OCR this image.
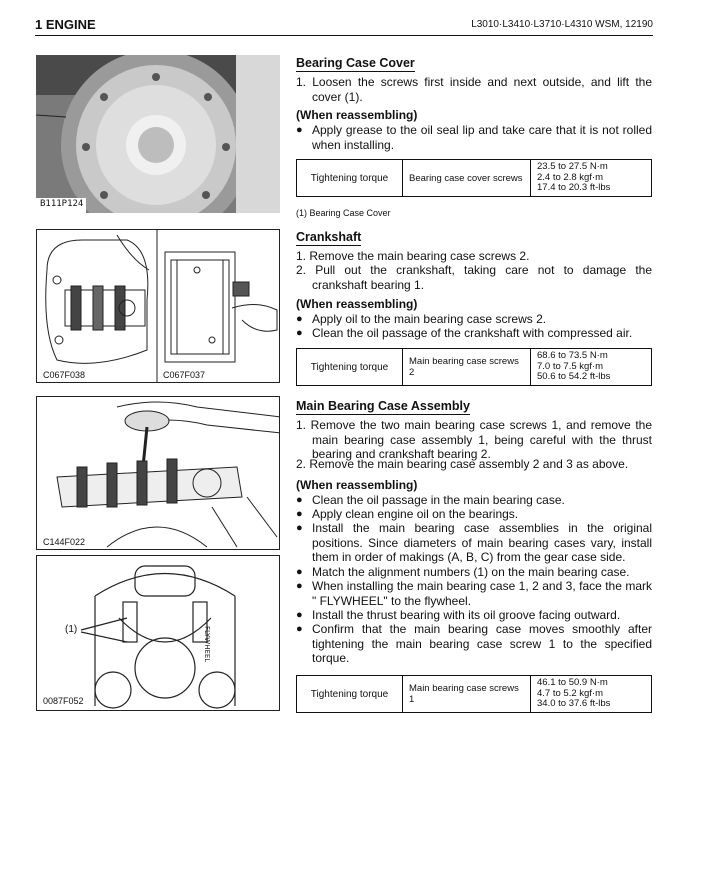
1 ENGINE	L3010·L3410·L3710·L4310 WSM, 12190
B111P124
C067F038	C067F037
C144F022
FLYWHEEL
(1)
0087F052
Bearing Case Cover
1. Loosen the screws first inside and next outside, and lift the cover (1).
(When reassembling)
● Apply grease to the oil seal lip and take care that it is not rolled when installing.
Tightening torque	Bearing case cover screws	
23.5 to 27.5 N·m
2.4 to 2.8 kgf·m
17.4 to 20.3 ft-lbs
(1) Bearing Case Cover
Crankshaft
1. Remove the main bearing case screws 2.
2. Pull out the crankshaft, taking care not to damage the crankshaft bearing 1.
(When reassembling)
● Apply oil to the main bearing case screws 2.
● Clean the oil passage of the crankshaft with compressed air.
Tightening torque	Main bearing case screws 2	
68.6 to 73.5 N·m
7.0 to 7.5 kgf·m
50.6 to 54.2 ft-lbs
Main Bearing Case Assembly
1. Remove the two main bearing case screws 1, and remove the main bearing case assembly 1, being careful with the thrust bearing and crankshaft bearing 2.
2. Remove the main bearing case assembly 2 and 3 as above.
(When reassembling)
● Clean the oil passage in the main bearing case.
● Apply clean engine oil on the bearings.
● Install the main bearing case assemblies in the original positions. Since diameters of main bearing cases vary, install them in order of makings (A, B, C) from the gear case side.
● Match the alignment numbers (1) on the main bearing case.
● When installing the main bearing case 1, 2 and 3, face the mark " FLYWHEEL" to the flywheel.
● Install the thrust bearing with its oil groove facing outward.
● Confirm that the main bearing case moves smoothly after tightening the main bearing case screw 1 to the specified torque.
Tightening torque	Main bearing case screws 1	
46.1 to 50.9 N·m
4.7 to 5.2 kgf·m
34.0 to 37.6 ft-lbs
